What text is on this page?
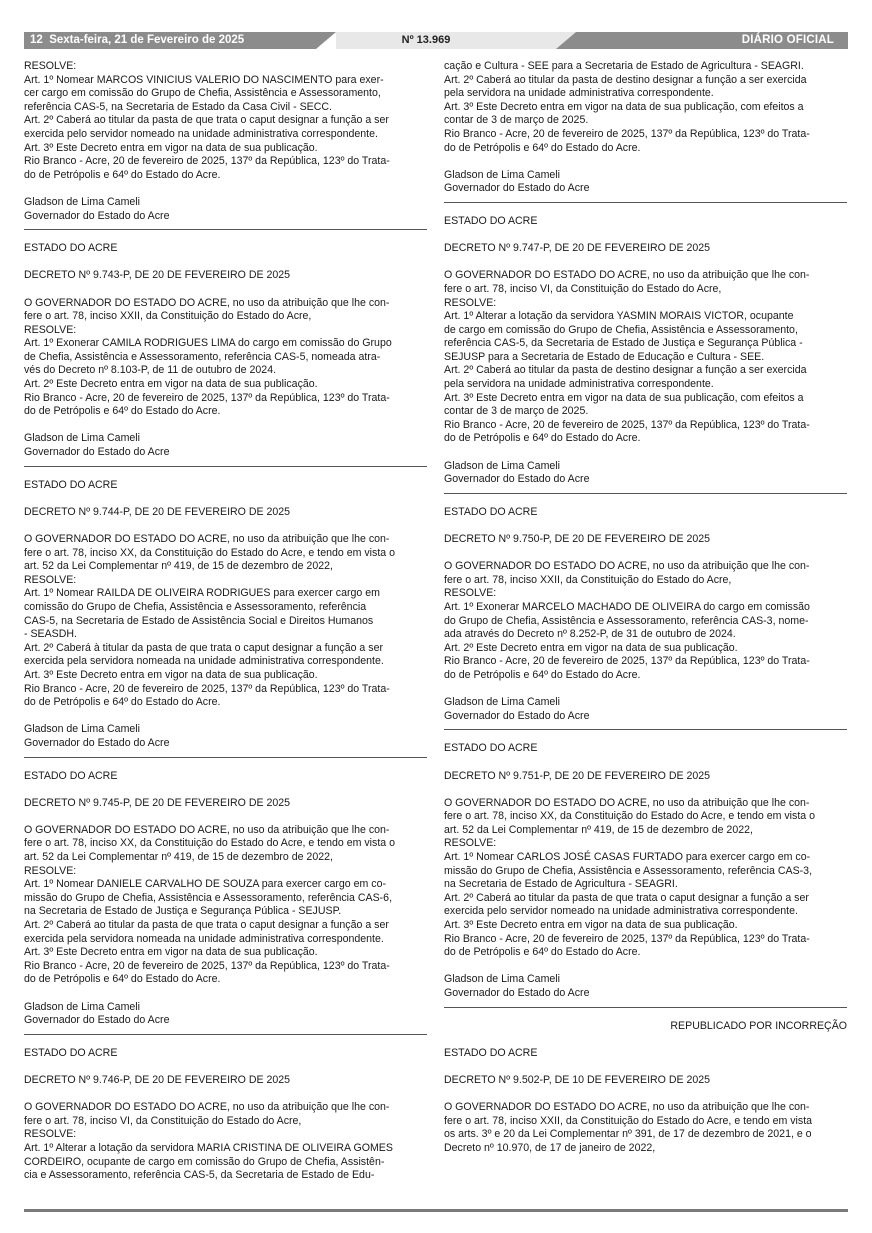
12 Sexta-feira, 21 de Fevereiro de 2025	Nº 13.969	DIÁRIO OFICIAL
RESOLVE:
Art. 1º Nomear MARCOS VINICIUS VALERIO DO NASCIMENTO para exer-
cer cargo em comissão do Grupo de Chefia, Assistência e Assessoramento,
referência CAS-5, na Secretaria de Estado da Casa Civil - SECC.
Art. 2º Caberá ao titular da pasta de que trata o caput designar a função a ser
exercida pelo servidor nomeado na unidade administrativa correspondente.
Art. 3º Este Decreto entra em vigor na data de sua publicação.
Rio Branco - Acre, 20 de fevereiro de 2025, 137º da República, 123º do Trata-
do de Petrópolis e 64º do Estado do Acre.
Gladson de Lima Cameli
Governador do Estado do Acre
ESTADO DO ACRE
DECRETO Nº 9.743-P, DE 20 DE FEVEREIRO DE 2025
O GOVERNADOR DO ESTADO DO ACRE, no uso da atribuição que lhe con-
fere o art. 78, inciso XXII, da Constituição do Estado do Acre,
RESOLVE:
Art. 1º Exonerar CAMILA RODRIGUES LIMA do cargo em comissão do Grupo
de Chefia, Assistência e Assessoramento, referência CAS-5, nomeada atra-
vés do Decreto nº 8.103-P, de 11 de outubro de 2024.
Art. 2º Este Decreto entra em vigor na data de sua publicação.
Rio Branco - Acre, 20 de fevereiro de 2025, 137º da República, 123º do Trata-
do de Petrópolis e 64º do Estado do Acre.
Gladson de Lima Cameli
Governador do Estado do Acre
ESTADO DO ACRE
DECRETO Nº 9.744-P, DE 20 DE FEVEREIRO DE 2025
O GOVERNADOR DO ESTADO DO ACRE, no uso da atribuição que lhe con-
fere o art. 78, inciso XX, da Constituição do Estado do Acre, e tendo em vista o
art. 52 da Lei Complementar nº 419, de 15 de dezembro de 2022,
RESOLVE:
Art. 1º Nomear RAILDA DE OLIVEIRA RODRIGUES para exercer cargo em
comissão do Grupo de Chefia, Assistência e Assessoramento, referência
CAS-5, na Secretaria de Estado de Assistência Social e Direitos Humanos
- SEASDH.
Art. 2º Caberá à titular da pasta de que trata o caput designar a função a ser
exercida pela servidora nomeada na unidade administrativa correspondente.
Art. 3º Este Decreto entra em vigor na data de sua publicação.
Rio Branco - Acre, 20 de fevereiro de 2025, 137º da República, 123º do Trata-
do de Petrópolis e 64º do Estado do Acre.
Gladson de Lima Cameli
Governador do Estado do Acre
ESTADO DO ACRE
DECRETO Nº 9.745-P, DE 20 DE FEVEREIRO DE 2025
O GOVERNADOR DO ESTADO DO ACRE, no uso da atribuição que lhe con-
fere o art. 78, inciso XX, da Constituição do Estado do Acre, e tendo em vista o
art. 52 da Lei Complementar nº 419, de 15 de dezembro de 2022,
RESOLVE:
Art. 1º Nomear DANIELE CARVALHO DE SOUZA para exercer cargo em co-
missão do Grupo de Chefia, Assistência e Assessoramento, referência CAS-6,
na Secretaria de Estado de Justiça e Segurança Pública - SEJUSP.
Art. 2º Caberá ao titular da pasta de que trata o caput designar a função a ser
exercida pela servidora nomeada na unidade administrativa correspondente.
Art. 3º Este Decreto entra em vigor na data de sua publicação.
Rio Branco - Acre, 20 de fevereiro de 2025, 137º da República, 123º do Trata-
do de Petrópolis e 64º do Estado do Acre.
Gladson de Lima Cameli
Governador do Estado do Acre
ESTADO DO ACRE
DECRETO Nº 9.746-P, DE 20 DE FEVEREIRO DE 2025
O GOVERNADOR DO ESTADO DO ACRE, no uso da atribuição que lhe con-
fere o art. 78, inciso VI, da Constituição do Estado do Acre,
RESOLVE:
Art. 1º Alterar a lotação da servidora MARIA CRISTINA DE OLIVEIRA GOMES
CORDEIRO, ocupante de cargo em comissão do Grupo de Chefia, Assistên-
cia e Assessoramento, referência CAS-5, da Secretaria de Estado de Edu-
cação e Cultura - SEE para a Secretaria de Estado de Agricultura - SEAGRI.
Art. 2º Caberá ao titular da pasta de destino designar a função a ser exercida
pela servidora na unidade administrativa correspondente.
Art. 3º Este Decreto entra em vigor na data de sua publicação, com efeitos a
contar de 3 de março de 2025.
Rio Branco - Acre, 20 de fevereiro de 2025, 137º da República, 123º do Trata-
do de Petrópolis e 64º do Estado do Acre.
Gladson de Lima Cameli
Governador do Estado do Acre
ESTADO DO ACRE
DECRETO Nº 9.747-P, DE 20 DE FEVEREIRO DE 2025
O GOVERNADOR DO ESTADO DO ACRE, no uso da atribuição que lhe con-
fere o art. 78, inciso VI, da Constituição do Estado do Acre,
RESOLVE:
Art. 1º Alterar a lotação da servidora YASMIN MORAIS VICTOR, ocupante
de cargo em comissão do Grupo de Chefia, Assistência e Assessoramento,
referência CAS-5, da Secretaria de Estado de Justiça e Segurança Pública -
SEJUSP para a Secretaria de Estado de Educação e Cultura - SEE.
Art. 2º Caberá ao titular da pasta de destino designar a função a ser exercida
pela servidora na unidade administrativa correspondente.
Art. 3º Este Decreto entra em vigor na data de sua publicação, com efeitos a
contar de 3 de março de 2025.
Rio Branco - Acre, 20 de fevereiro de 2025, 137º da República, 123º do Trata-
do de Petrópolis e 64º do Estado do Acre.
Gladson de Lima Cameli
Governador do Estado do Acre
ESTADO DO ACRE
DECRETO Nº 9.750-P, DE 20 DE FEVEREIRO DE 2025
O GOVERNADOR DO ESTADO DO ACRE, no uso da atribuição que lhe con-
fere o art. 78, inciso XXII, da Constituição do Estado do Acre,
RESOLVE:
Art. 1º Exonerar MARCELO MACHADO DE OLIVEIRA do cargo em comissão
do Grupo de Chefia, Assistência e Assessoramento, referência CAS-3, nome-
ada através do Decreto nº 8.252-P, de 31 de outubro de 2024.
Art. 2º Este Decreto entra em vigor na data de sua publicação.
Rio Branco - Acre, 20 de fevereiro de 2025, 137º da República, 123º do Trata-
do de Petrópolis e 64º do Estado do Acre.
Gladson de Lima Cameli
Governador do Estado do Acre
ESTADO DO ACRE
DECRETO Nº 9.751-P, DE 20 DE FEVEREIRO DE 2025
O GOVERNADOR DO ESTADO DO ACRE, no uso da atribuição que lhe con-
fere o art. 78, inciso XX, da Constituição do Estado do Acre, e tendo em vista o
art. 52 da Lei Complementar nº 419, de 15 de dezembro de 2022,
RESOLVE:
Art. 1º Nomear CARLOS JOSÉ CASAS FURTADO para exercer cargo em co-
missão do Grupo de Chefia, Assistência e Assessoramento, referência CAS-3,
na Secretaria de Estado de Agricultura - SEAGRI.
Art. 2º Caberá ao titular da pasta de que trata o caput designar a função a ser
exercida pelo servidor nomeado na unidade administrativa correspondente.
Art. 3º Este Decreto entra em vigor na data de sua publicação.
Rio Branco - Acre, 20 de fevereiro de 2025, 137º da República, 123º do Trata-
do de Petrópolis e 64º do Estado do Acre.
Gladson de Lima Cameli
Governador do Estado do Acre
REPUBLICADO POR INCORREÇÃO
ESTADO DO ACRE
DECRETO Nº 9.502-P, DE 10 DE FEVEREIRO DE 2025
O GOVERNADOR DO ESTADO DO ACRE, no uso da atribuição que lhe con-
fere o art. 78, inciso XXII, da Constituição do Estado do Acre, e tendo em vista
os arts. 3º e 20 da Lei Complementar nº 391, de 17 de dezembro de 2021, e o
Decreto nº 10.970, de 17 de janeiro de 2022,
